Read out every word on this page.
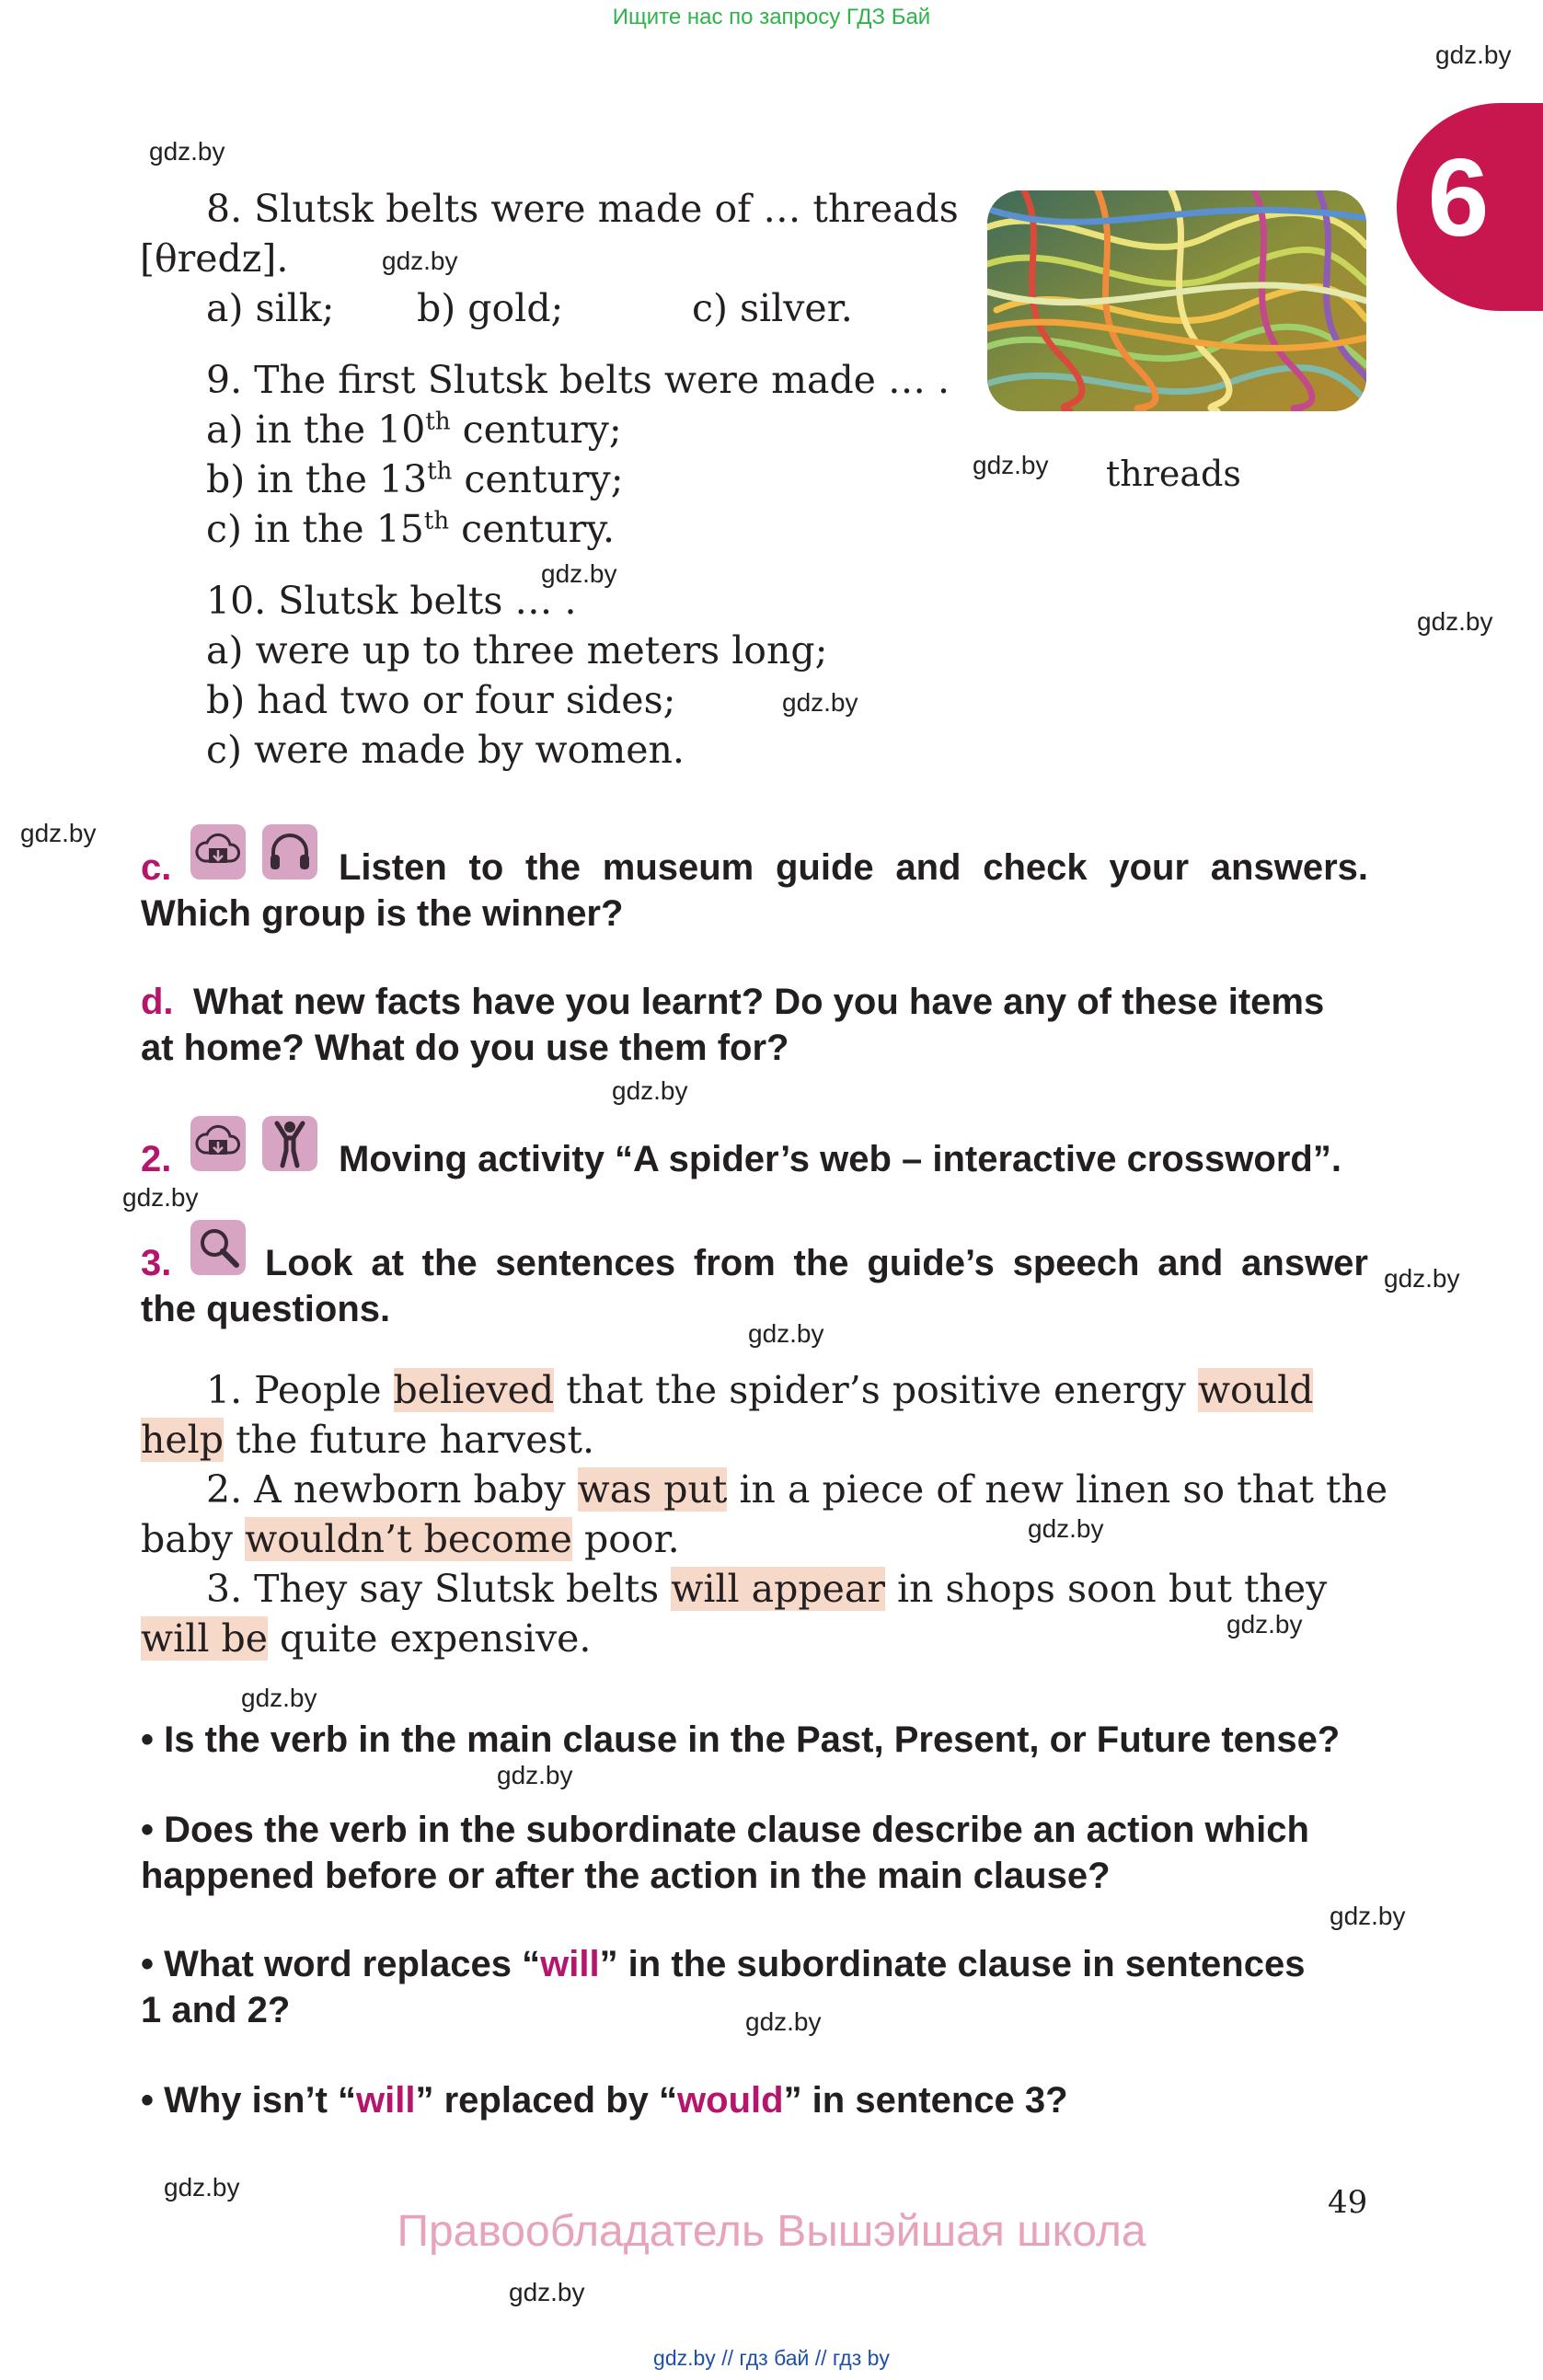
Ищите нас по запросу ГДЗ Бай
6
gdz.by
gdz.by
gdz.by
gdz.by
gdz.by
gdz.by
gdz.by
gdz.by
gdz.by
gdz.by
gdz.by
gdz.by
gdz.by
gdz.by
gdz.by
gdz.by
gdz.by
gdz.by
gdz.by
gdz.by
8. Slutsk belts were made of … threads
[θredz].
a) silk; b) gold;	c) silver.
9. The first Slutsk belts were made … .
a) in the 10th century;
b) in the 13th century;
c) in the 15th century.
10. Slutsk belts … .
a) were up to three meters long;
b) had two or four sides;
c) were made by women.
threads
c.	Listen to the museum guide and check your answers.
Which group is the winner?
d. What new facts have you learnt? Do you have any of these items
at home? What do you use them for?
2.	Moving activity “A spider’s web – interactive crossword”.
3.	Look at the sentences from the guide’s speech and answer
the questions.
1. People believed that the spider’s positive energy would
help the future harvest.
2. A newborn baby was put in a piece of new linen so that the
baby wouldn’t become poor.
3. They say Slutsk belts will appear in shops soon but they
will be quite expensive.
• Is the verb in the main clause in the Past, Present, or Future tense?
• Does the verb in the subordinate clause describe an action which
happened before or after the action in the main clause?
• What word replaces “will” in the subordinate clause in sentences
1 and 2?
• Why isn’t “will” replaced by “would” in sentence 3?
49
Правообладатель Вышэйшая школа
gdz.by // гдз бай // гдз by
